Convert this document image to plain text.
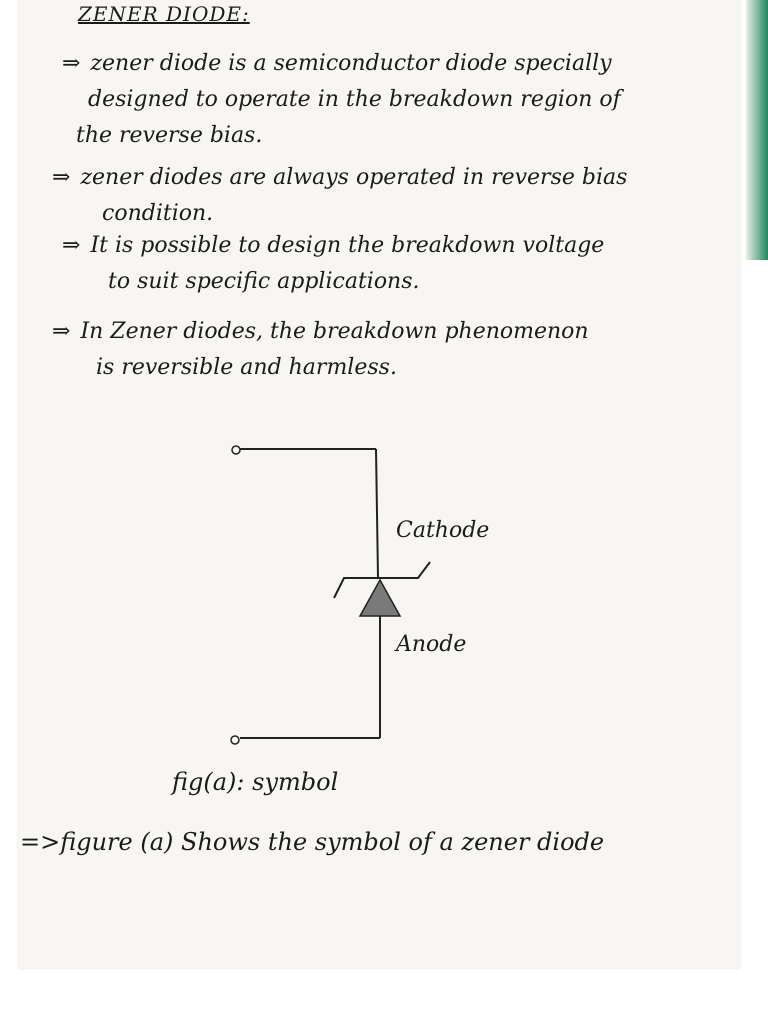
ZENER DIODE:
⇒ zener diode is a semiconductor diode specially
designed to operate in the breakdown region of
the reverse bias.
⇒ zener diodes are always operated in reverse bias
condition.
⇒ It is possible to design the breakdown voltage
to suit specific applications.
⇒ In Zener diodes, the breakdown phenomenon
is reversible and harmless.
Cathode
Anode
fig(a): symbol
=>figure (a) Shows the symbol of a zener diode
